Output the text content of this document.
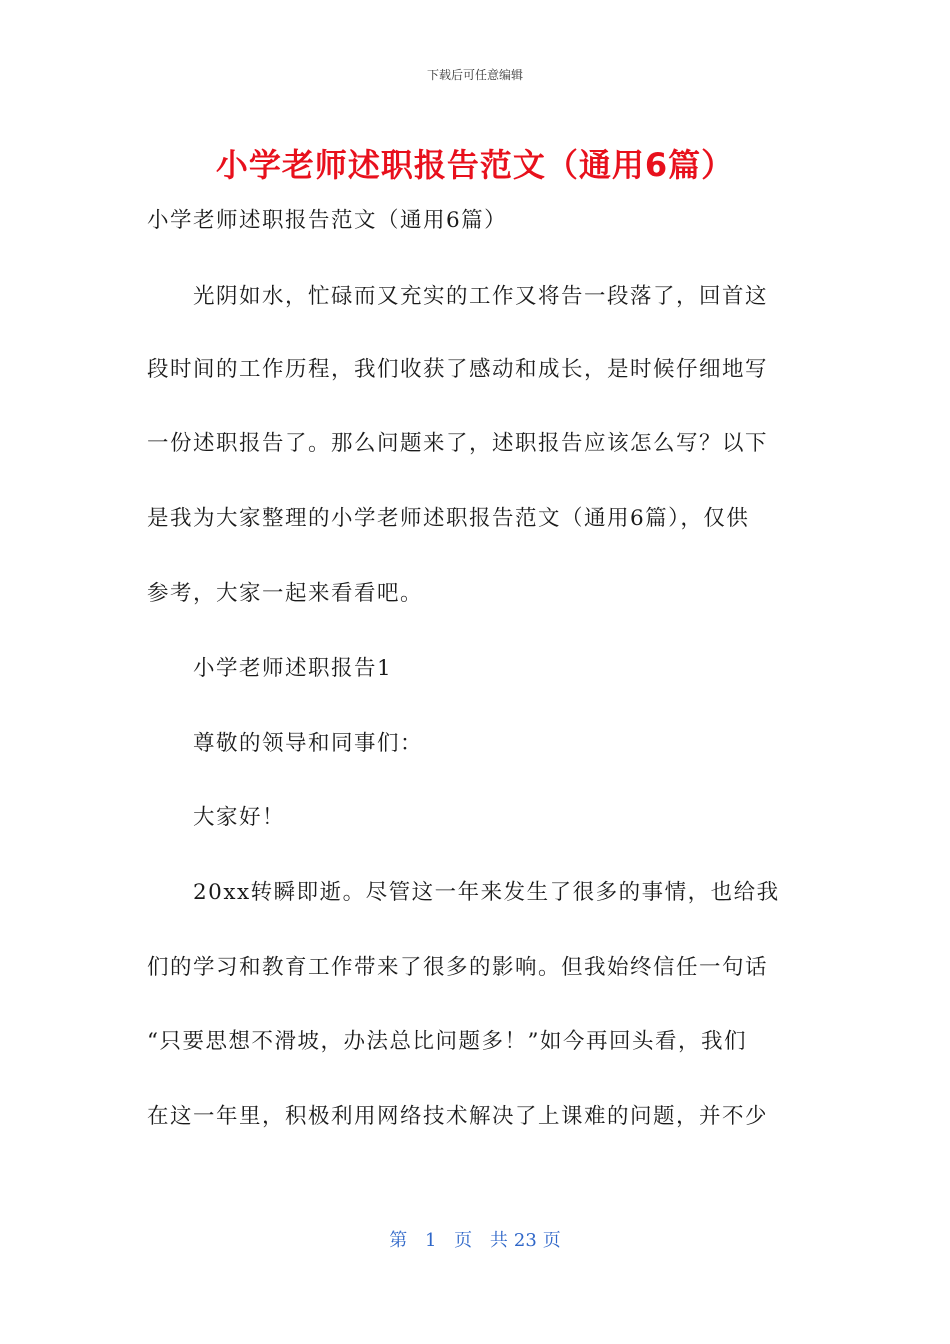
下载后可任意编辑
小学老师述职报告范文（通用6篇）
小学老师述职报告范文（通用6篇）
光阴如水，忙碌而又充实的工作又将告一段落了，回首这
段时间的工作历程，我们收获了感动和成长，是时候仔细地写
一份述职报告了。那么问题来了，述职报告应该怎么写？以下
是我为大家整理的小学老师述职报告范文（通用6篇），仅供
参考，大家一起来看看吧。
小学老师述职报告1
尊敬的领导和同事们：
大家好！
20xx转瞬即逝。尽管这一年来发生了很多的事情，也给我
们的学习和教育工作带来了很多的影响。但我始终信任一句话
“只要思想不滑坡，办法总比问题多！”如今再回头看，我们
在这一年里，积极利用网络技术解决了上课难的问题，并不少
第 1 页 共 23 页
